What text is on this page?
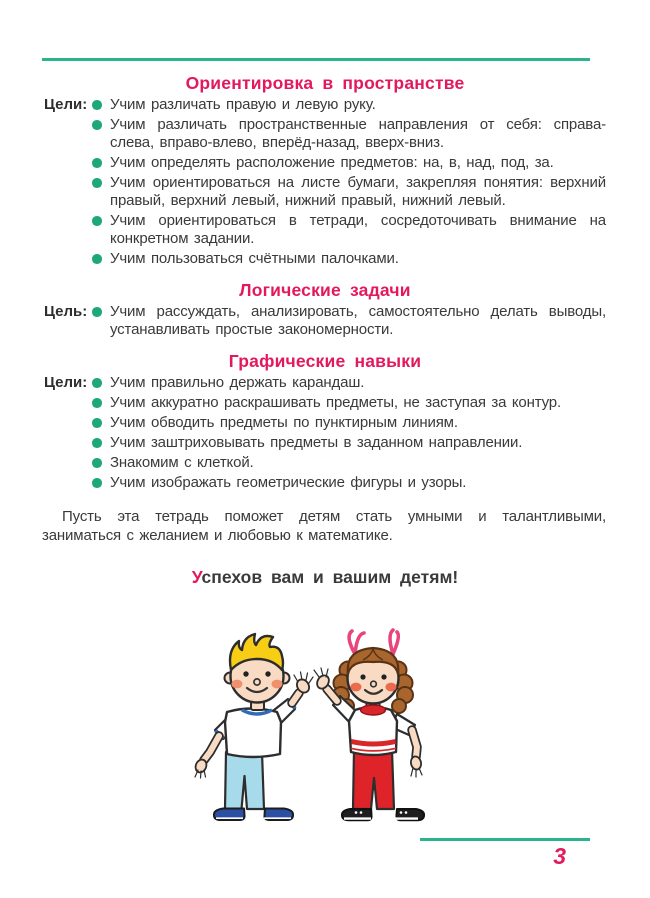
Ориентировка в пространстве
Цели:	Учим различать правую и левую руку.

Учим различать пространственные направления от себя: справа-слева, вправо-влево, вперёд-назад, вверх-вниз.

Учим определять расположение предметов: на, в, над, под, за.

Учим ориентироваться на листе бумаги, закрепляя понятия: верхний правый, верхний левый, нижний правый, нижний левый.

Учим ориентироваться в тетради, сосредоточивать внимание на конкретном задании.

Учим пользоваться счётными палочками.

Логические задачи
Цель:	Учим рассуждать, анализировать, самостоятельно делать выводы, устанавливать простые закономерности.

Графические навыки
Цели:	Учим правильно держать карандаш.

Учим аккуратно раскрашивать предметы, не заступая за контур.

Учим обводить предметы по пунктирным линиям.

Учим заштриховывать предметы в заданном направлении.

Знакомим с клеткой.

Учим изображать геометрические фигуры и узоры.

Пусть эта тетрадь поможет детям стать умными и талантливыми, заниматься с желанием и любовью к математике.

Успехов вам и вашим детям!
3
